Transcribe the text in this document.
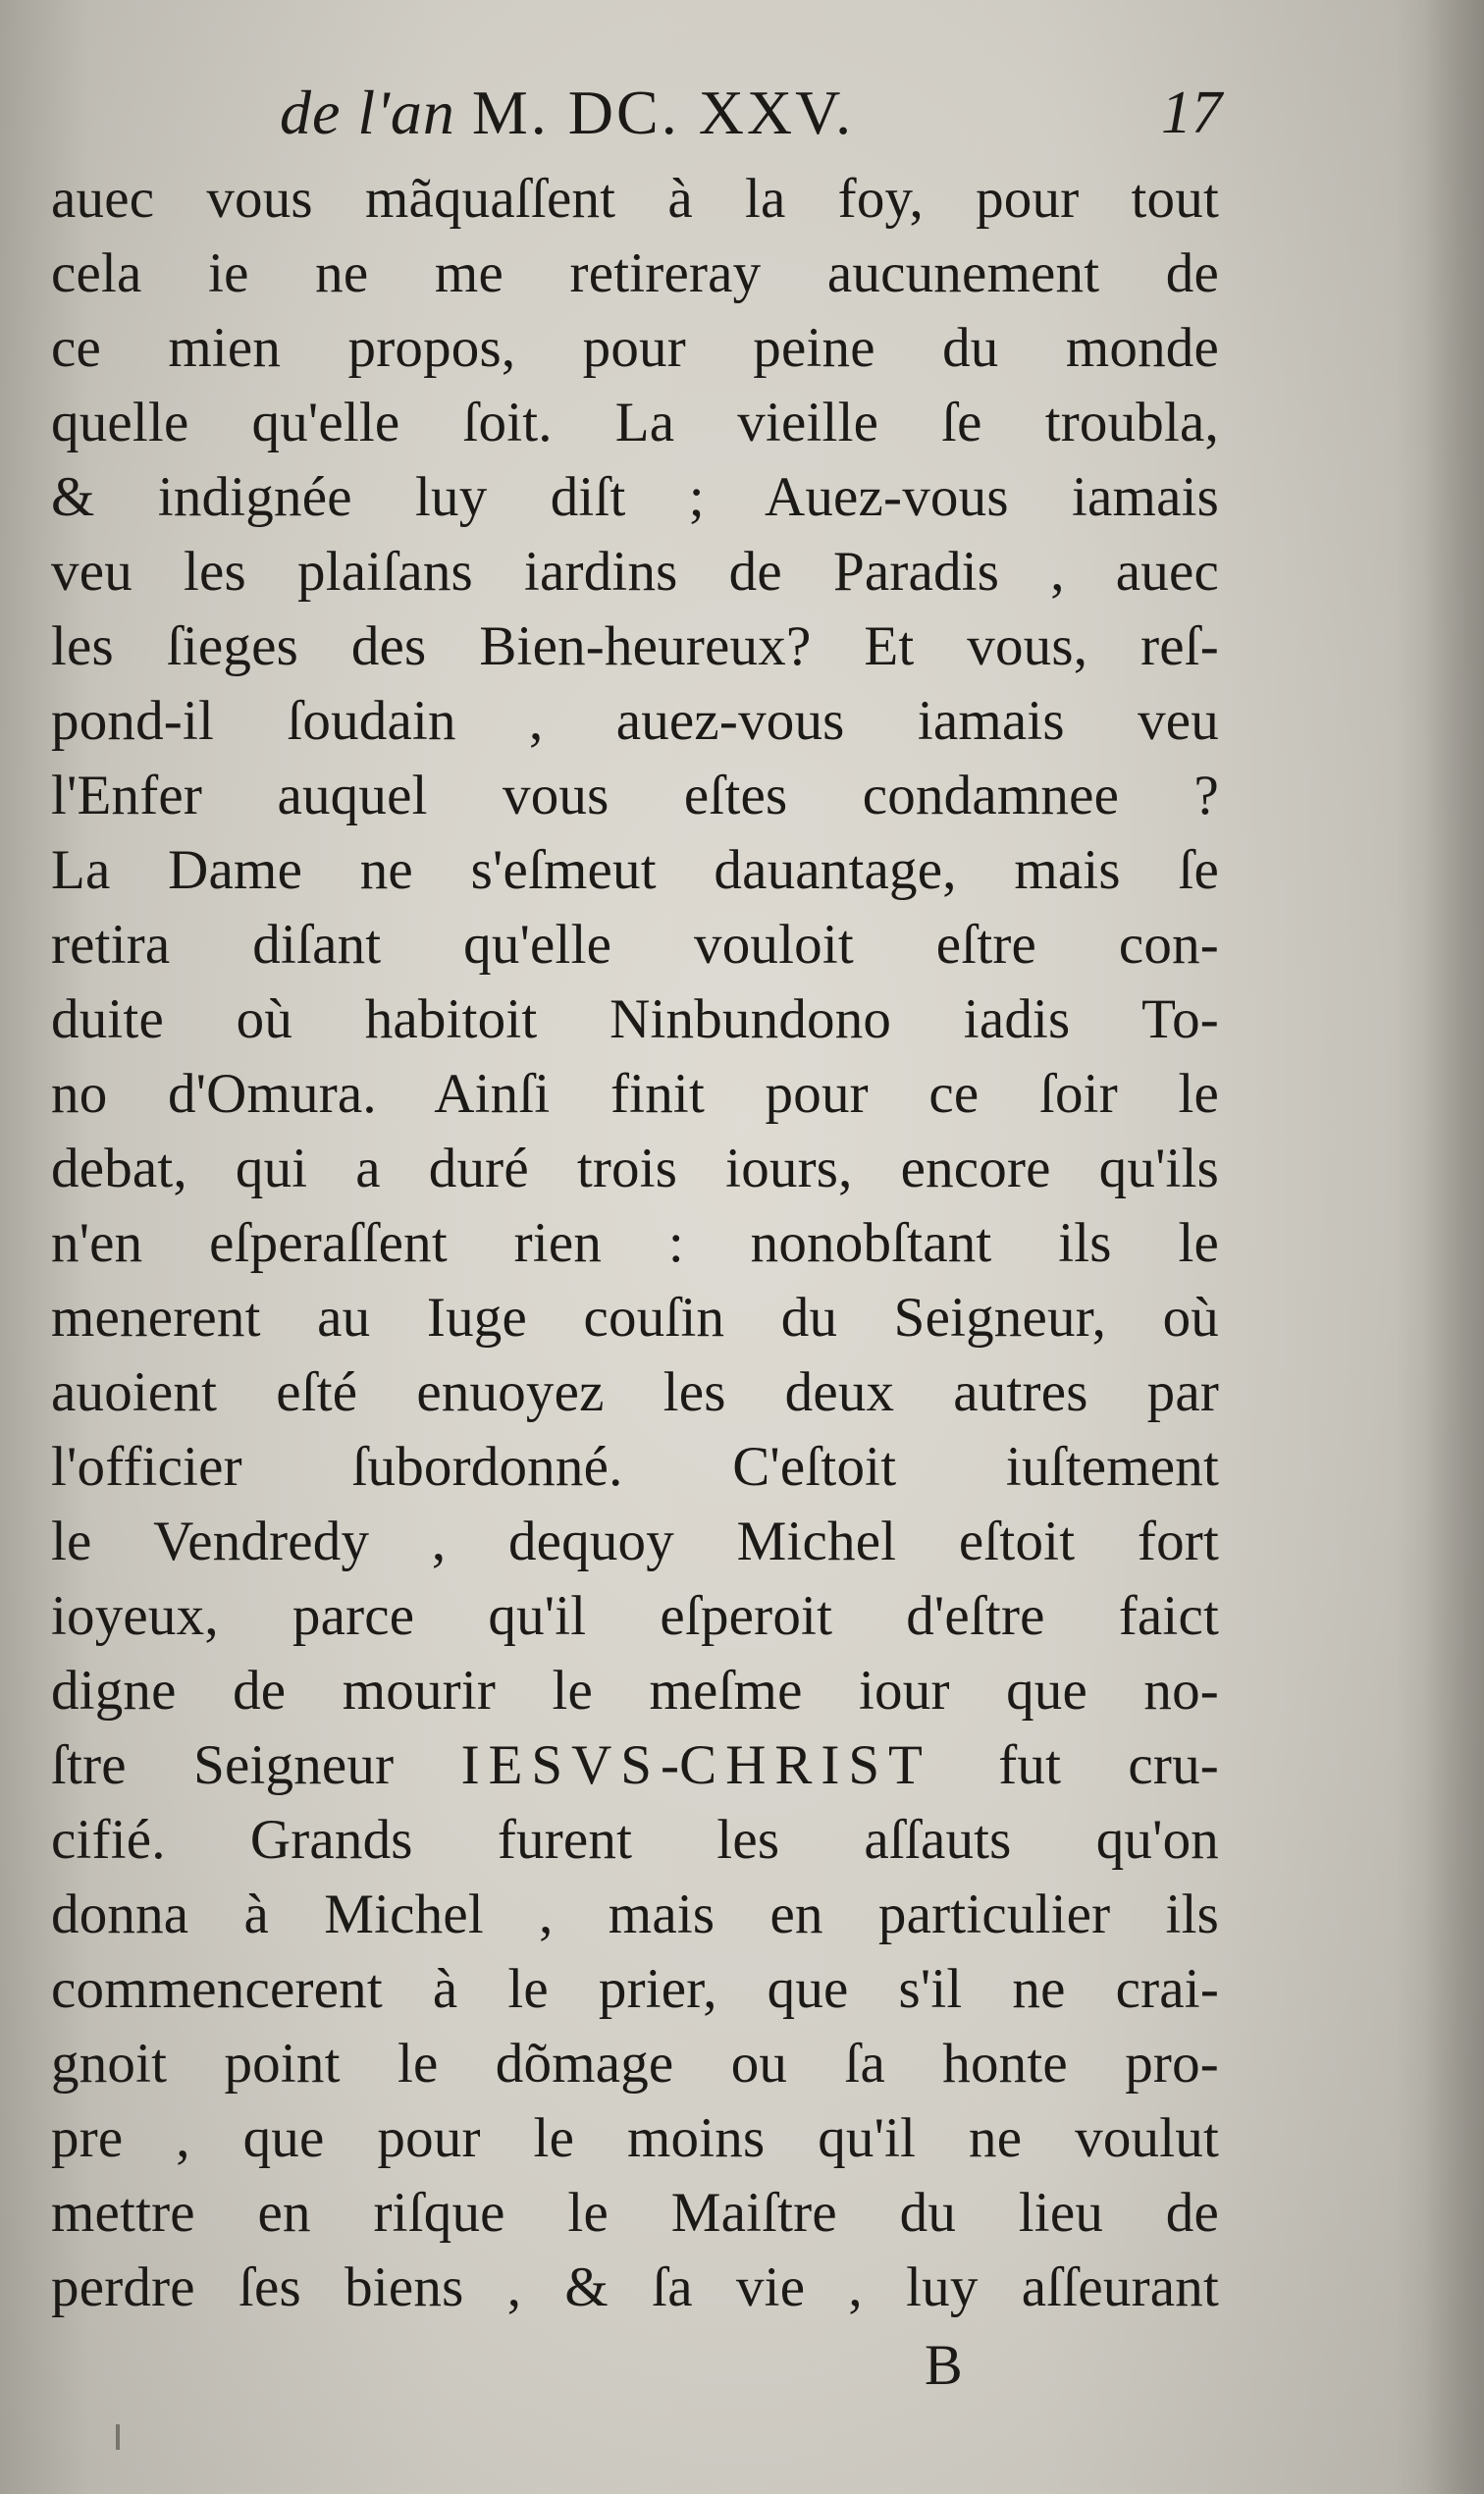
de l'an M. DC. XXV.	17
auec vous mãquaſſent à la foy, pour tout
cela ie ne me retireray aucunement de
ce mien propos, pour peine du monde
quelle qu'elle ſoit. La vieille ſe troubla,
& indignée luy diſt ; Auez-vous iamais
veu les plaiſans iardins de Paradis , auec
les ſieges des Bien-heureux? Et vous, reſ-
pond-il ſoudain , auez-vous iamais veu
l'Enfer auquel vous eſtes condamnee ?
La Dame ne s'eſmeut dauantage, mais ſe
retira diſant qu'elle vouloit eſtre con-
duite où habitoit Ninbundono iadis To-
no d'Omura. Ainſi finit pour ce ſoir le
debat, qui a duré trois iours, encore qu'ils
n'en eſperaſſent rien : nonobſtant ils le
menerent au Iuge couſin du Seigneur, où
auoient eſté enuoyez les deux autres par
l'officier ſubordonné. C'eſtoit iuſtement
le Vendredy , dequoy Michel eſtoit fort
ioyeux, parce qu'il eſperoit d'eſtre faict
digne de mourir le meſme iour que no-
ſtre Seigneur IESVS-CHRIST fut cru-
cifié. Grands furent les aſſauts qu'on
donna à Michel , mais en particulier ils
commencerent à le prier, que s'il ne crai-
gnoit point le dõmage ou ſa honte pro-
pre , que pour le moins qu'il ne voulut
mettre en riſque le Maiſtre du lieu de
perdre ſes biens , & ſa vie , luy aſſeurant
B
